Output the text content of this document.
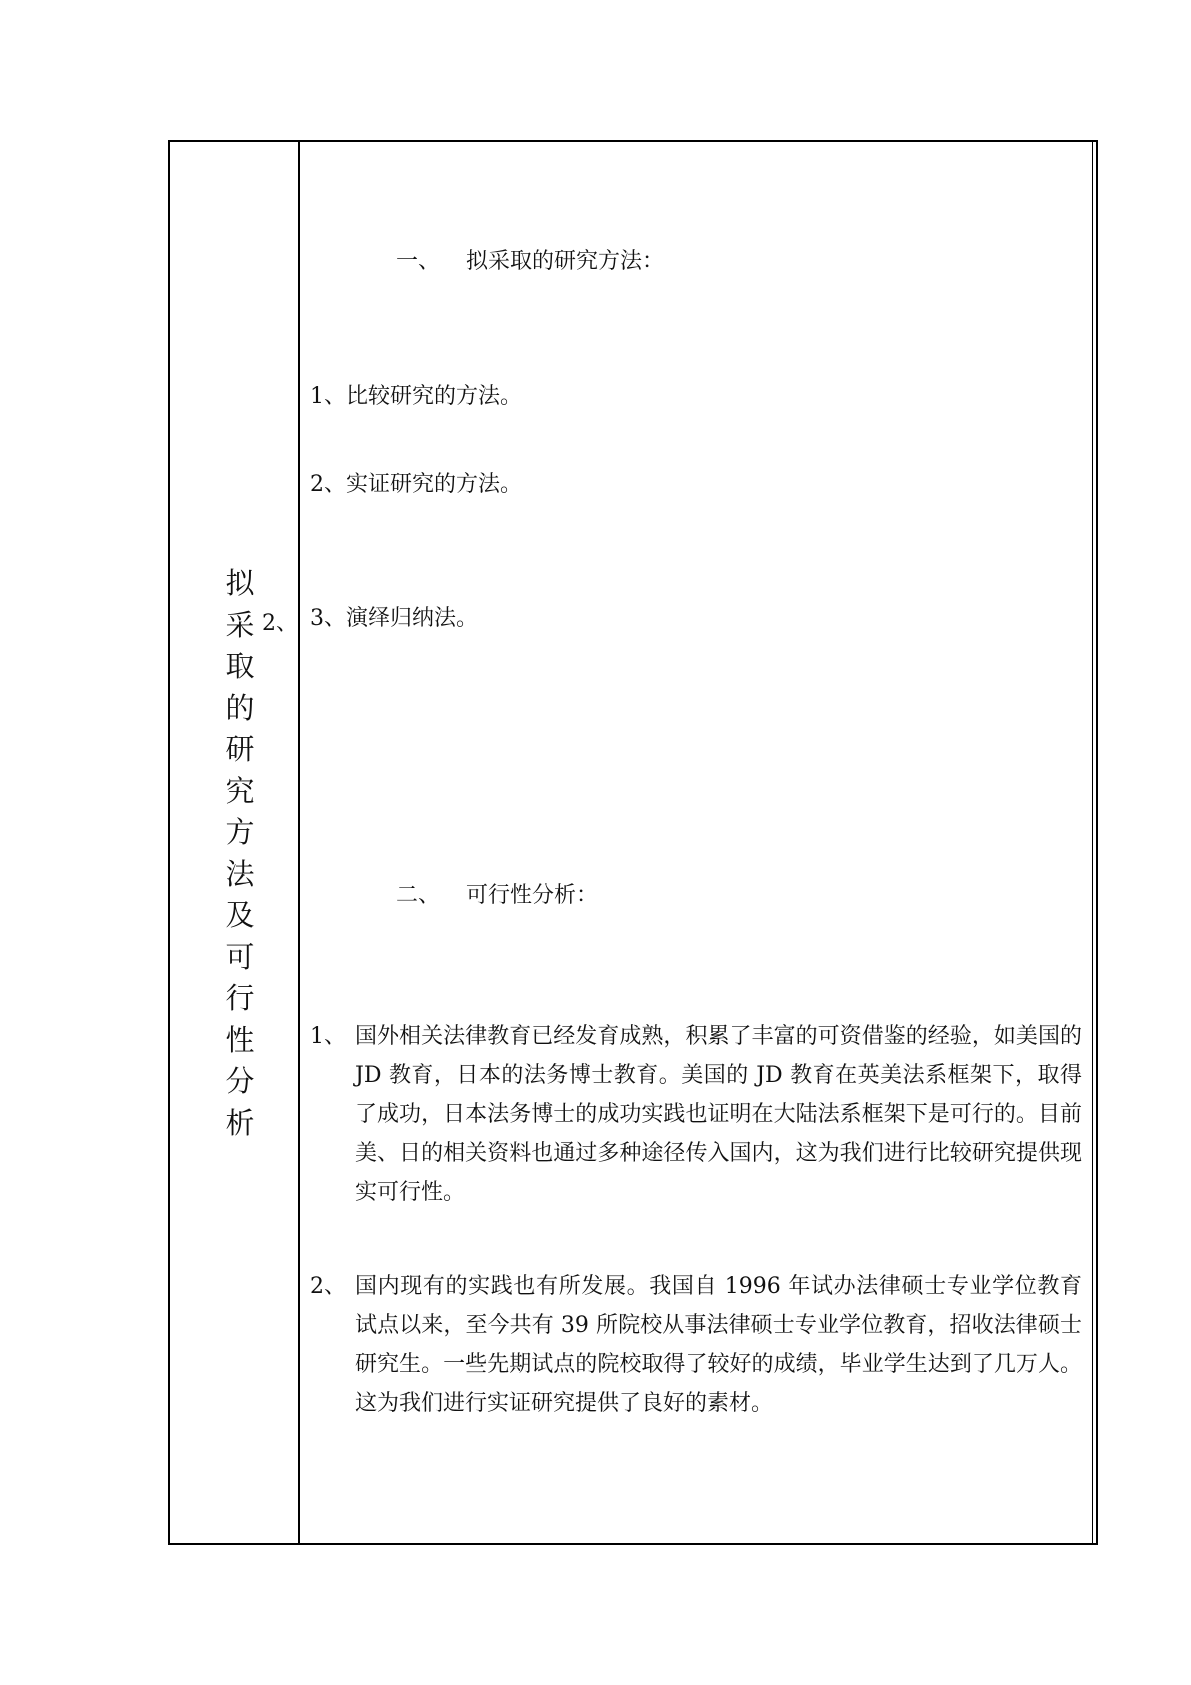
拟
采
取
的
研
究
方
法
及
可
行
性
分
析
2、
一、 拟采取的研究方法：
1、比较研究的方法。
2、实证研究的方法。
3、演绎归纳法。
二、 可行性分析：
1、 国外相关法律教育已经发育成熟，积累了丰富的可资借鉴的经验，如美国的 JD 教育，日本的法务博士教育。美国的 JD 教育在英美法系框架下，取得了成功，日本法务博士的成功实践也证明在大陆法系框架下是可行的。目前美、日的相关资料也通过多种途径传入国内，这为我们进行比较研究提供现实可行性。
2、 国内现有的实践也有所发展。我国自 1996 年试办法律硕士专业学位教育试点以来，至今共有 39 所院校从事法律硕士专业学位教育，招收法律硕士研究生。一些先期试点的院校取得了较好的成绩，毕业学生达到了几万人。这为我们进行实证研究提供了良好的素材。
